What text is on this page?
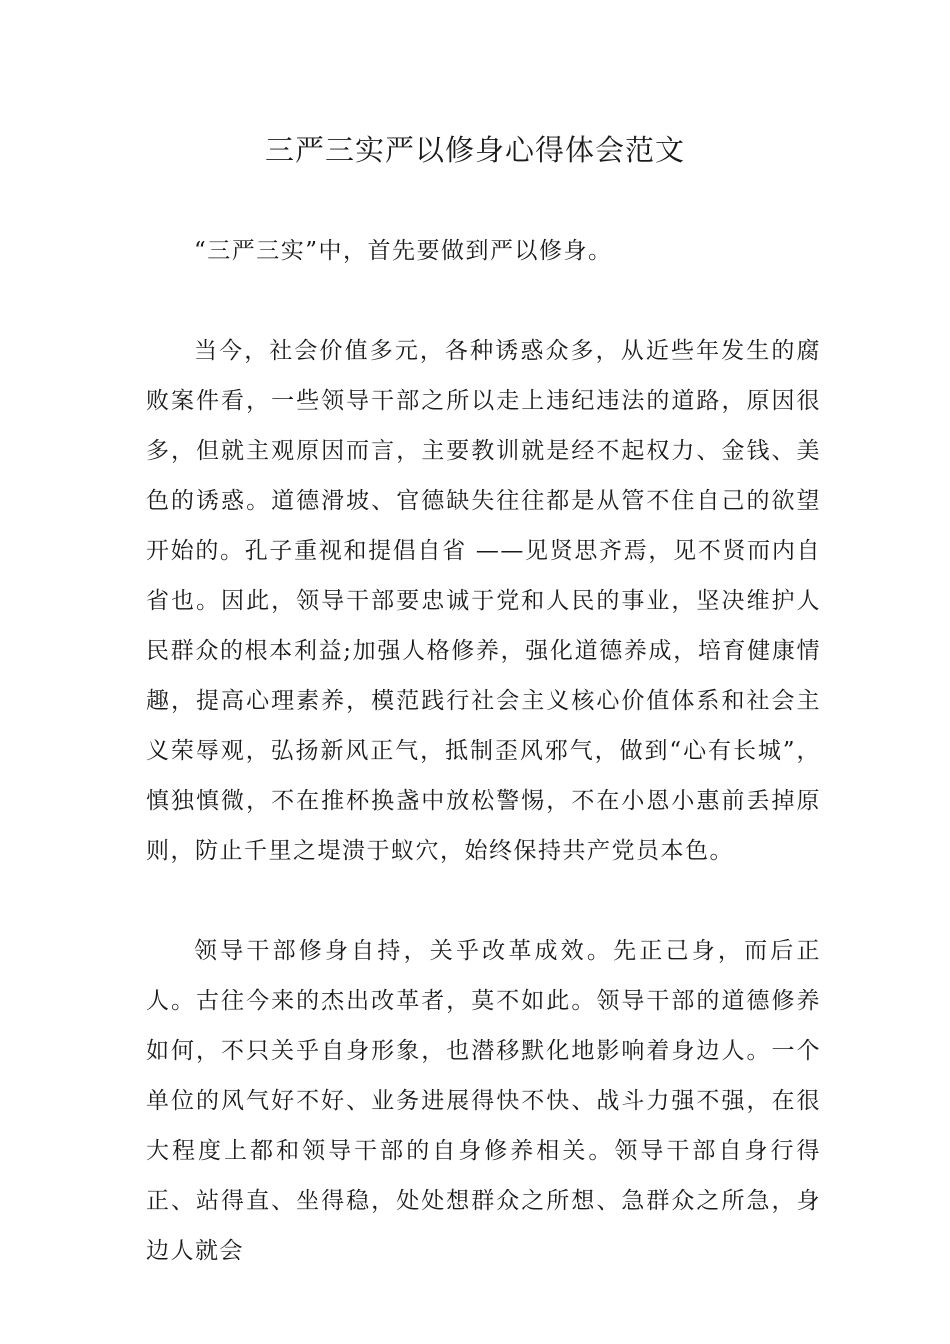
三严三实严以修身心得体会范文

“三严三实”中，首先要做到严以修身。

当今，社会价值多元，各种诱惑众多，从近些年发生的腐败案件看，一些领导干部之所以走上违纪违法的道路，原因很多，但就主观原因而言，主要教训就是经不起权力、金钱、美色的诱惑。道德滑坡、官德缺失往往都是从管不住自己的欲望开始的。孔子重视和提倡自省 ——见贤思齐焉，见不贤而内自省也。因此，领导干部要忠诚于党和人民的事业，坚决维护人民群众的根本利益;加强人格修养，强化道德养成，培育健康情趣，提高心理素养，模范践行社会主义核心价值体系和社会主义荣辱观，弘扬新风正气，抵制歪风邪气，做到“心有长城”，慎独慎微，不在推杯换盏中放松警惕，不在小恩小惠前丢掉原则，防止千里之堤溃于蚁穴，始终保持共产党员本色。

领导干部修身自持，关乎改革成效。先正己身，而后正人。古往今来的杰出改革者，莫不如此。领导干部的道德修养如何，不只关乎自身形象，也潜移默化地影响着身边人。一个单位的风气好不好、业务进展得快不快、战斗力强不强，在很大程度上都和领导干部的自身修养相关。领导干部自身行得正、站得直、坐得稳，处处想群众之所想、急群众之所急，身边人就会
